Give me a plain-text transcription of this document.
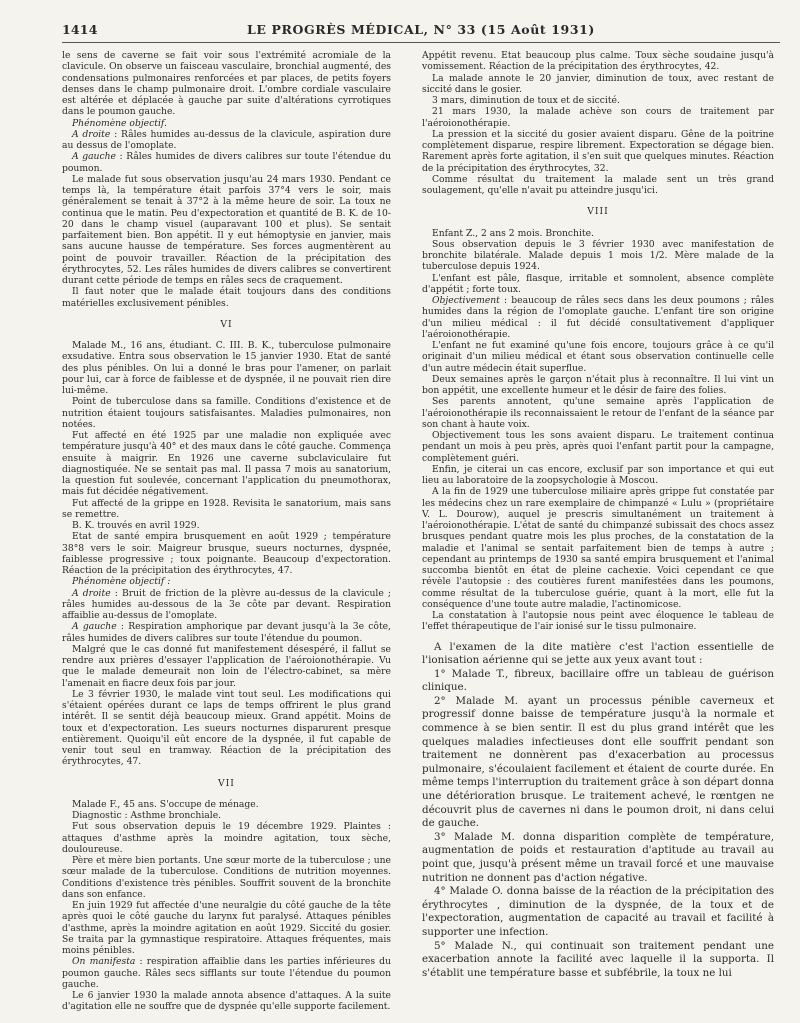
1414	LE PROGRÈS MÉDICAL, N° 33 (15 Août 1931)

le sens de caverne se fait voir sous l'extrémité acromiale de la clavicule. On observe un faisceau vasculaire, bronchial augmenté, des condensations pulmonaires renforcées et par places, de petits foyers denses dans le champ pulmonaire droit. L'ombre cordiale vasculaire est altérée et déplacée à gauche par suite d'altérations cyrrotiques dans le poumon gauche.

Phénomène objectif.

A droite : Râles humides au-dessus de la clavicule, aspiration dure au dessus de l'omoplate.

A gauche : Râles humides de divers calibres sur toute l'étendue du poumon.

Le malade fut sous observation jusqu'au 24 mars 1930. Pendant ce temps là, la température était parfois 37°4 vers le soir, mais généralement se tenait à 37°2 à la même heure de soir. La toux ne continua que le matin. Peu d'expectoration et quantité de B. K. de 10-20 dans le champ visuel (auparavant 100 et plus). Se sentait parfaitement bien. Bon appétit. Il y eut hémoptysie en janvier, mais sans aucune hausse de température. Ses forces augmentèrent au point de pouvoir travailler. Réaction de la précipitation des érythrocytes, 52. Les râles humides de divers calibres se convertirent durant cette période de temps en râles secs de craquement.

Il faut noter que le malade était toujours dans des conditions matérielles exclusivement pénibles.

VI

Malade M., 16 ans, étudiant. C. III. B. K., tuberculose pulmonaire exsudative. Entra sous observation le 15 janvier 1930. Etat de santé des plus pénibles. On lui a donné le bras pour l'amener, on parlait pour lui, car à force de faiblesse et de dyspnée, il ne pouvait rien dire lui-même.

Point de tuberculose dans sa famille. Conditions d'existence et de nutrition étaient toujours satisfaisantes. Maladies pulmonaires, non notées.

Fut affecté en été 1925 par une maladie non expliquée avec température jusqu'à 40° et des maux dans le côté gauche. Commença ensuite à maigrir. En 1926 une caverne subclaviculaire fut diagnostiquée. Ne se sentait pas mal. Il passa 7 mois au sanatorium, la question fut soulevée, concernant l'application du pneumothorax, mais fut décidée négativement.

Fut affecté de la grippe en 1928. Revisita le sanatorium, mais sans se remettre.

B. K. trouvés en avril 1929.

Etat de santé empira brusquement en août 1929 ; température 38°8 vers le soir. Maigreur brusque, sueurs nocturnes, dyspnée, faiblesse progressive ; toux poignante. Beaucoup d'expectoration. Réaction de la précipitation des érythrocytes, 47.

Phénomène objectif :

A droite : Bruit de friction de la plèvre au-dessus de la clavicule ; râles humides au-dessous de la 3e côte par devant. Respiration affaiblie au-dessus de l'omoplate.

A gauche : Respiration amphorique par devant jusqu'à la 3e côte, râles humides de divers calibres sur toute l'étendue du poumon.

Malgré que le cas donné fut manifestement désespéré, il fallut se rendre aux prières d'essayer l'application de l'aéroionothérapie. Vu que le malade demeurait non loin de l'électro-cabinet, sa mère l'amenait en fiacre deux fois par jour.

Le 3 février 1930, le malade vint tout seul. Les modifications qui s'étaient opérées durant ce laps de temps offrirent le plus grand intérêt. Il se sentit déjà beaucoup mieux. Grand appétit. Moins de toux et d'expectoration. Les sueurs nocturnes disparurent presque entièrement. Quoiqu'il eût encore de la dyspnée, il fut capable de venir tout seul en tramway. Réaction de la précipitation des érythrocytes, 47.

VII

Malade F., 45 ans. S'occupe de ménage.

Diagnostic : Asthme bronchiale.

Fut sous observation depuis le 19 décembre 1929. Plaintes : attaques d'asthme après la moindre agitation, toux sèche, douloureuse.

Père et mère bien portants. Une sœur morte de la tuberculose ; une sœur malade de la tuberculose. Conditions de nutrition moyennes. Conditions d'existence très pénibles. Souffrit souvent de la bronchite dans son enfance.

En juin 1929 fut affectée d'une neuralgie du côté gauche de la tête après quoi le côté gauche du larynx fut paralysé. Attaques pénibles d'asthme, après la moindre agitation en août 1929. Siccité du gosier. Se traita par la gymnastique respiratoire. Attaques fréquentes, mais moins pénibles.

On manifesta : respiration affaiblie dans les parties inférieures du poumon gauche. Râles secs sifflants sur toute l'étendue du poumon gauche.

Le 6 janvier 1930 la malade annota absence d'attaques. A la suite d'agitation elle ne souffre que de dyspnée qu'elle supporte facilement.

Appétit revenu. Etat beaucoup plus calme. Toux sèche soudaine jusqu'à vomissement. Réaction de la précipitation des érythrocytes, 42.

La malade annote le 20 janvier, diminution de toux, avec restant de siccité dans le gosier.

3 mars, diminution de toux et de siccité.

21 mars 1930, la malade achève son cours de traitement par l'aéroionothérapie.

La pression et la siccité du gosier avaient disparu. Gêne de la poitrine complètement disparue, respire librement. Expectoration se dégage bien. Rarement après forte agitation, il s'en suit que quelques minutes. Réaction de la précipitation des érythrocytes, 32.

Comme résultat du traitement la malade sent un très grand soulagement, qu'elle n'avait pu atteindre jusqu'ici.

VIII

Enfant Z., 2 ans 2 mois. Bronchite.

Sous observation depuis le 3 février 1930 avec manifestation de bronchite bilatérale. Malade depuis 1 mois 1/2. Mère malade de la tuberculose depuis 1924.

L'enfant est pâle, flasque, irritable et somnolent, absence complète d'appétit ; forte toux.

Objectivement : beaucoup de râles secs dans les deux poumons ; râles humides dans la région de l'omoplate gauche. L'enfant tire son origine d'un milieu médical : il fut décidé consultativement d'appliquer l'aéroionothérapie.

L'enfant ne fut examiné qu'une fois encore, toujours grâce à ce qu'il originait d'un milieu médical et étant sous observation continuelle celle d'un autre médecin était superflue.

Deux semaines après le garçon n'était plus à reconnaître. Il lui vint un bon appétit, une excellente humeur et le désir de faire des folies.

Ses parents annotent, qu'une semaine après l'application de l'aéroionothérapie ils reconnaissaient le retour de l'enfant de la séance par son chant à haute voix.

Objectivement tous les sons avaient disparu. Le traitement continua pendant un mois à peu près, après quoi l'enfant partit pour la campagne, complètement guéri.

Enfin, je citerai un cas encore, exclusif par son importance et qui eut lieu au laboratoire de la zoopsychologie à Moscou.

A la fin de 1929 une tuberculose miliaire après grippe fut constatée par les médecins chez un rare exemplaire de chimpanzé « Lulu » (propriétaire V. L. Dourow), auquel je prescris simultanément un traitement à l'aéroionothérapie. L'état de santé du chimpanzé subissait des chocs assez brusques pendant quatre mois les plus proches, de la constatation de la maladie et l'animal se sentait parfaitement bien de temps à autre ; cependant au printemps de 1930 sa santé empira brusquement et l'animal succomba bientôt en état de pleine cachexie. Voici cependant ce que révèle l'autopsie : des coutières furent manifestées dans les poumons, comme résultat de la tuberculose guérie, quant à la mort, elle fut la conséquence d'une toute autre maladie, l'actinomicose.

La constatation à l'autopsie nous peint avec éloquence le tableau de l'effet thérapeutique de l'air ionisé sur le tissu pulmonaire.

A l'examen de la dite matière c'est l'action essentielle de l'ionisation aérienne qui se jette aux yeux avant tout :

1° Malade T., fibreux, bacillaire offre un tableau de guérison clinique.

2° Malade M. ayant un processus pénible caverneux et progressif donne baisse de température jusqu'à la normale et commence à se bien sentir. Il est du plus grand intérêt que les quelques maladies infectieuses dont elle souffrit pendant son traitement ne donnèrent pas d'exacerbation au processus pulmonaire, s'écoulaient facilement et étaient de courte durée. En même temps l'interruption du traitement grâce à son départ donna une détérioration brusque. Le traitement achevé, le rœntgen ne découvrit plus de cavernes ni dans le poumon droit, ni dans celui de gauche.

3° Malade M. donna disparition complète de température, augmentation de poids et restauration d'aptitude au travail au point que, jusqu'à présent même un travail forcé et une mauvaise nutrition ne donnent pas d'action négative.

4° Malade O. donna baisse de la réaction de la précipitation des érythrocytes , diminution de la dyspnée, de la toux et de l'expectoration, augmentation de capacité au travail et facilité à supporter une infection.

5° Malade N., qui continuait son traitement pendant une exacerbation annote la facilité avec laquelle il la supporta. Il s'établit une température basse et subfébrile, la toux ne lui
